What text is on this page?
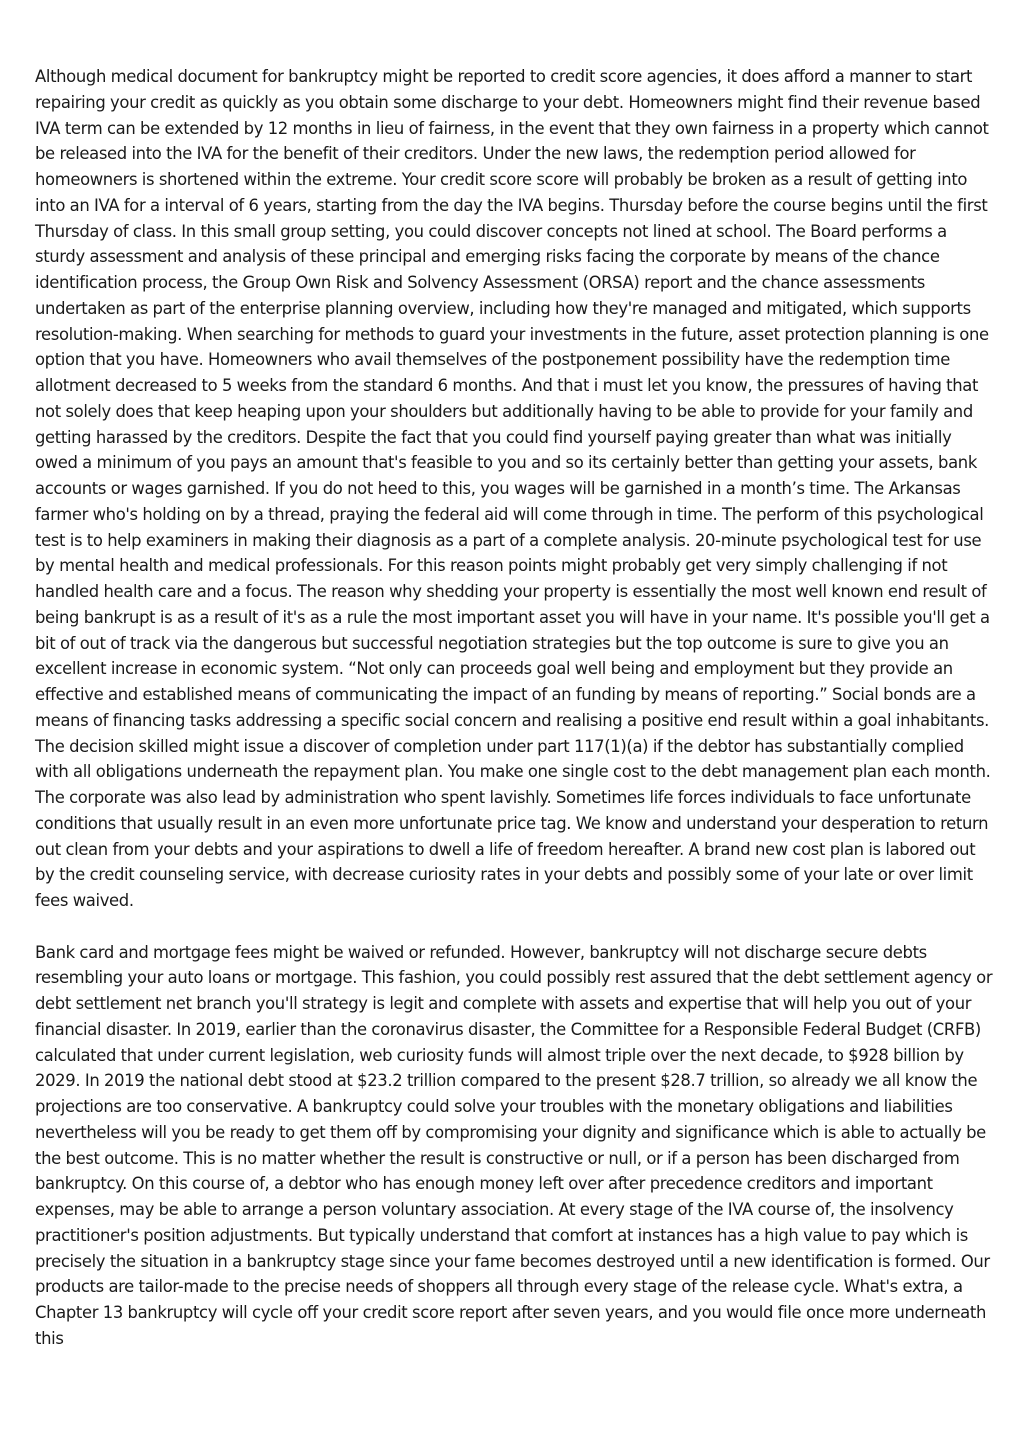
Although medical document for bankruptcy might be reported to credit score agencies, it does afford a manner to start repairing your credit as quickly as you obtain some discharge to your debt. Homeowners might find their revenue based IVA term can be extended by 12 months in lieu of fairness, in the event that they own fairness in a property which cannot be released into the IVA for the benefit of their creditors. Under the new laws, the redemption period allowed for homeowners is shortened within the extreme. Your credit score score will probably be broken as a result of getting into into an IVA for a interval of 6 years, starting from the day the IVA begins. Thursday before the course begins until the first Thursday of class. In this small group setting, you could discover concepts not lined at school. The Board performs a sturdy assessment and analysis of these principal and emerging risks facing the corporate by means of the chance identification process, the Group Own Risk and Solvency Assessment (ORSA) report and the chance assessments undertaken as part of the enterprise planning overview, including how they're managed and mitigated, which supports resolution-making. When searching for methods to guard your investments in the future, asset protection planning is one option that you have. Homeowners who avail themselves of the postponement possibility have the redemption time allotment decreased to 5 weeks from the standard 6 months. And that i must let you know, the pressures of having that not solely does that keep heaping upon your shoulders but additionally having to be able to provide for your family and getting harassed by the creditors. Despite the fact that you could find yourself paying greater than what was initially owed a minimum of you pays an amount that's feasible to you and so its certainly better than getting your assets, bank accounts or wages garnished. If you do not heed to this, you wages will be garnished in a month’s time. The Arkansas farmer who's holding on by a thread, praying the federal aid will come through in time. The perform of this psychological test is to help examiners in making their diagnosis as a part of a complete analysis. 20-minute psychological test for use by mental health and medical professionals. For this reason points might probably get very simply challenging if not handled health care and a focus. The reason why shedding your property is essentially the most well known end result of being bankrupt is as a result of it's as a rule the most important asset you will have in your name. It's possible you'll get a bit of out of track via the dangerous but successful negotiation strategies but the top outcome is sure to give you an excellent increase in economic system. “Not only can proceeds goal well being and employment but they provide an effective and established means of communicating the impact of an funding by means of reporting.” Social bonds are a means of financing tasks addressing a specific social concern and realising a positive end result within a goal inhabitants. The decision skilled might issue a discover of completion under part 117(1)(a) if the debtor has substantially complied with all obligations underneath the repayment plan. You make one single cost to the debt management plan each month. The corporate was also lead by administration who spent lavishly. Sometimes life forces individuals to face unfortunate conditions that usually result in an even more unfortunate price tag. We know and understand your desperation to return out clean from your debts and your aspirations to dwell a life of freedom hereafter. A brand new cost plan is labored out by the credit counseling service, with decrease curiosity rates in your debts and possibly some of your late or over limit fees waived.

Bank card and mortgage fees might be waived or refunded. However, bankruptcy will not discharge secure debts resembling your auto loans or mortgage. This fashion, you could possibly rest assured that the debt settlement agency or debt settlement net branch you'll strategy is legit and complete with assets and expertise that will help you out of your financial disaster. In 2019, earlier than the coronavirus disaster, the Committee for a Responsible Federal Budget (CRFB) calculated that under current legislation, web curiosity funds will almost triple over the next decade, to $928 billion by 2029. In 2019 the national debt stood at $23.2 trillion compared to the present $28.7 trillion, so already we all know the projections are too conservative. A bankruptcy could solve your troubles with the monetary obligations and liabilities nevertheless will you be ready to get them off by compromising your dignity and significance which is able to actually be the best outcome. This is no matter whether the result is constructive or null, or if a person has been discharged from bankruptcy. On this course of, a debtor who has enough money left over after precedence creditors and important expenses, may be able to arrange a person voluntary association. At every stage of the IVA course of, the insolvency practitioner's position adjustments. But typically understand that comfort at instances has a high value to pay which is precisely the situation in a bankruptcy stage since your fame becomes destroyed until a new identification is formed. Our products are tailor-made to the precise needs of shoppers all through every stage of the release cycle. What's extra, a Chapter 13 bankruptcy will cycle off your credit score report after seven years, and you would file once more underneath this
